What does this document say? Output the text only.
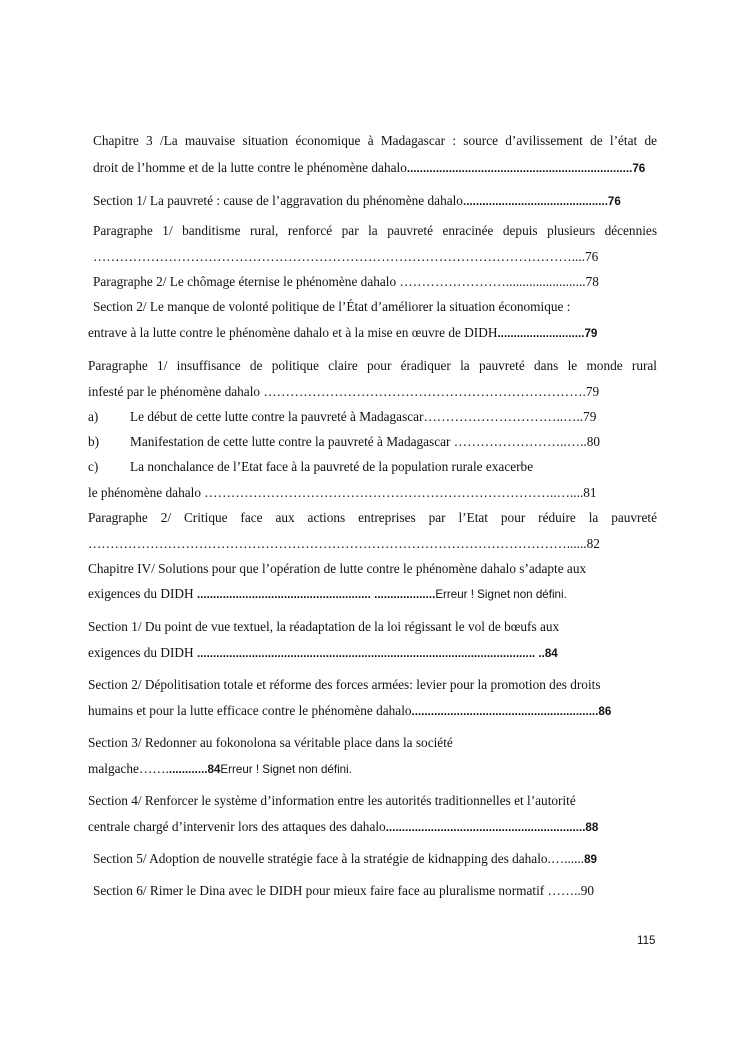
Chapitre 3 /La mauvaise situation économique à Madagascar : source d’avilissement de l’état de
droit de l’homme et de la lutte contre le phénomène dahalo......................................................................76
Section 1/ La pauvreté : cause de l’aggravation du phénomène dahalo.............................................76
Paragraphe 1/ banditisme rural, renforcé par la pauvreté enracinée depuis plusieurs décennies
………………………………………………………………………………………………....76
Paragraphe 2/ Le chômage éternise le phénomène dahalo ……………………........................78
Section 2/ Le manque de volonté politique de l’État d’améliorer la situation économique :
entrave à la lutte contre le phénomène dahalo et à la mise en œuvre de DIDH...........................79
Paragraphe 1/ insuffisance de politique claire pour éradiquer la pauvreté dans le monde rural
infesté par le phénomène dahalo ……………………………………………………………….79
a) Le début de cette lutte contre la pauvreté à Madagascar…………………………..…..79
b) Manifestation de cette lutte contre la pauvreté à Madagascar ……………………..…..80
c) La nonchalance de l’Etat face à la pauvreté de la population rurale exacerbe
le phénomène dahalo ……………………………………………………………………..…....81
Paragraphe 2/ Critique face aux actions entreprises par l’Etat pour réduire la pauvreté
………………………………………………………………………………………………......82
Chapitre IV/ Solutions pour que l’opération de lutte contre le phénomène dahalo s’adapte aux
exigences du DIDH ...................................................... ...................Erreur ! Signet non défini.
Section 1/ Du point de vue textuel, la réadaptation de la loi régissant le vol de bœufs aux
exigences du DIDH ......................................................................................................... ..84
Section 2/ Dépolitisation totale et réforme des forces armées: levier pour la promotion des droits
humains et pour la lutte efficace contre le phénomène dahalo..........................................................86
Section 3/ Redonner au fokonolona sa véritable place dans la société
malgache…….............84Erreur ! Signet non défini.
Section 4/ Renforcer le système d’information entre les autorités traditionnelles et l’autorité
centrale chargé d’intervenir lors des attaques des dahalo..............................................................88
Section 5/ Adoption de nouvelle stratégie face à la stratégie de kidnapping des dahalo.…......89
Section 6/ Rimer le Dina avec le DIDH pour mieux faire face au pluralisme normatif ……..90
115
